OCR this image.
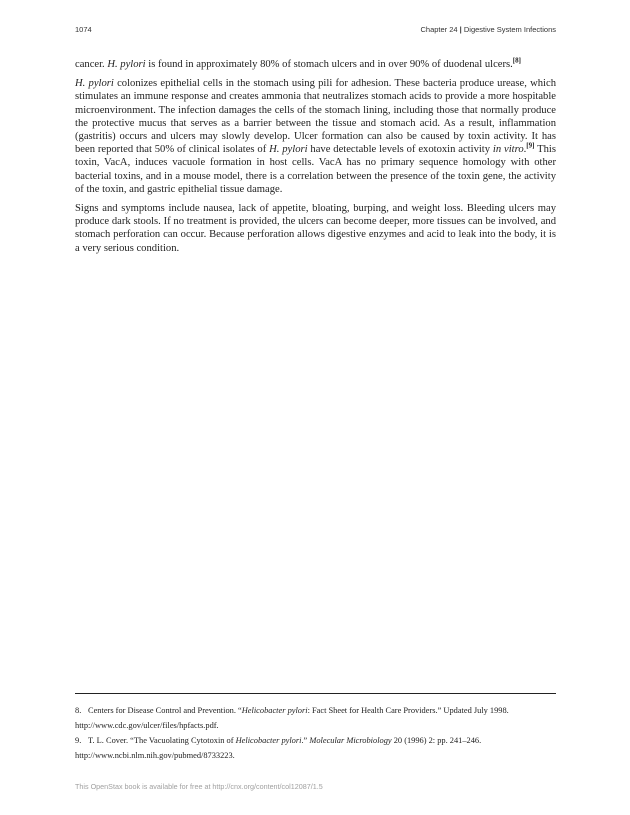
1074	Chapter 24 | Digestive System Infections

cancer. H. pylori is found in approximately 80% of stomach ulcers and in over 90% of duodenal ulcers.[8]

H. pylori colonizes epithelial cells in the stomach using pili for adhesion. These bacteria produce urease, which stimulates an immune response and creates ammonia that neutralizes stomach acids to provide a more hospitable microenvironment. The infection damages the cells of the stomach lining, including those that normally produce the protective mucus that serves as a barrier between the tissue and stomach acid. As a result, inflammation (gastritis) occurs and ulcers may slowly develop. Ulcer formation can also be caused by toxin activity. It has been reported that 50% of clinical isolates of H. pylori have detectable levels of exotoxin activity in vitro.[9] This toxin, VacA, induces vacuole formation in host cells. VacA has no primary sequence homology with other bacterial toxins, and in a mouse model, there is a correlation between the presence of the toxin gene, the activity of the toxin, and gastric epithelial tissue damage.

Signs and symptoms include nausea, lack of appetite, bloating, burping, and weight loss. Bleeding ulcers may produce dark stools. If no treatment is provided, the ulcers can become deeper, more tissues can be involved, and stomach perforation can occur. Because perforation allows digestive enzymes and acid to leak into the body, it is a very serious condition.

8. Centers for Disease Control and Prevention. “Helicobacter pylori: Fact Sheet for Health Care Providers.” Updated July 1998.

http://www.cdc.gov/ulcer/files/hpfacts.pdf.

9. T. L. Cover. “The Vacuolating Cytotoxin of Helicobacter pylori.” Molecular Microbiology 20 (1996) 2: pp. 241–246.

http://www.ncbi.nlm.nih.gov/pubmed/8733223.

This OpenStax book is available for free at http://cnx.org/content/col12087/1.5
